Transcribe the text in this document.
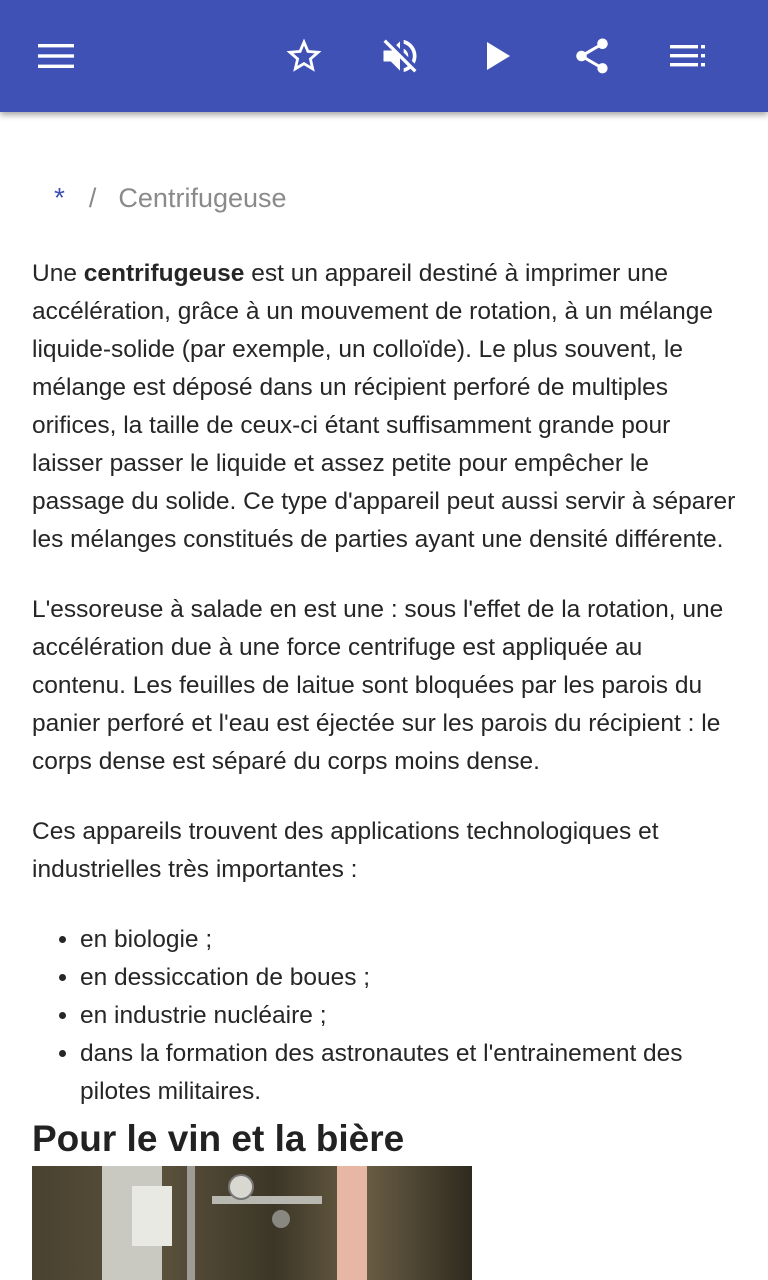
* / Centrifugeuse

Une centrifugeuse est un appareil destiné à imprimer une accélération, grâce à un mouvement de rotation, à un mélange liquide-solide (par exemple, un colloïde). Le plus souvent, le mélange est déposé dans un récipient perforé de multiples orifices, la taille de ceux-ci étant suffisamment grande pour laisser passer le liquide et assez petite pour empêcher le passage du solide. Ce type d'appareil peut aussi servir à séparer les mélanges constitués de parties ayant une densité différente.

L'essoreuse à salade en est une : sous l'effet de la rotation, une accélération due à une force centrifuge est appliquée au contenu. Les feuilles de laitue sont bloquées par les parois du panier perforé et l'eau est éjectée sur les parois du récipient : le corps dense est séparé du corps moins dense.

Ces appareils trouvent des applications technologiques et industrielles très importantes :

• en biologie ;
• en dessiccation de boues ;
• en industrie nucléaire ;
• dans la formation des astronautes et l'entrainement des pilotes militaires.
Pour le vin et la bière
